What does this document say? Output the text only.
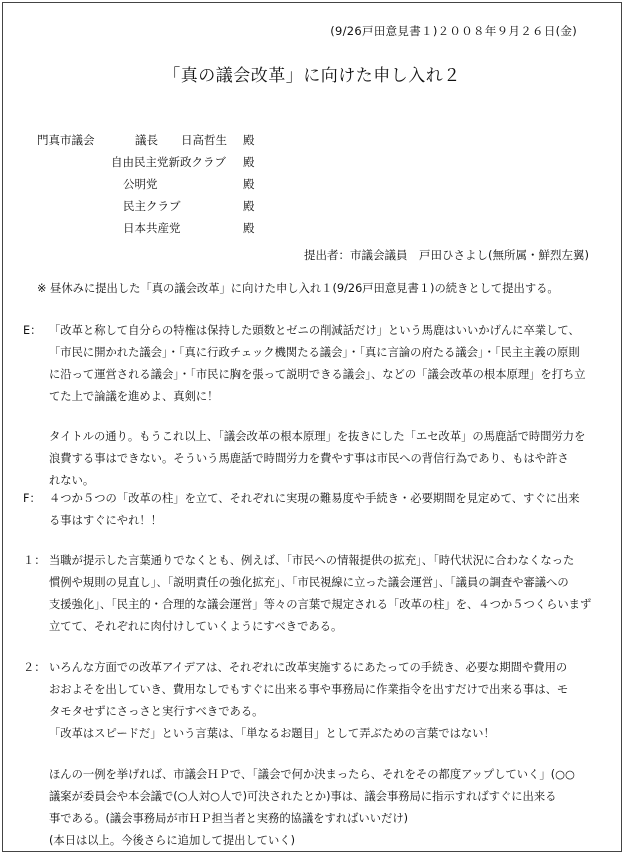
(9/26戸田意見書１)２００８年９月２６日(金)
「真の議会改革」に向けた申し入れ２
門真市議会	議長　　日高哲生 殿
自由民主党新政クラブ 殿
公明党	殿
民主クラブ	殿
日本共産党	殿
提出者：市議会議員　戸田ひさよし(無所属・鮮烈左翼)
※ 昼休みに提出した「真の議会改革」に向けた申し入れ１(9/26戸田意見書１)の続きとして提出する。
E： 「改革と称して自分らの特権は保持した頭数とゼニの削減話だけ」という馬鹿はいいかげんに卒業して、
「市民に開かれた議会」・「真に行政チェック機関たる議会」・「真に言論の府たる議会」・「民主主義の原則
に沿って運営される議会」・「市民に胸を張って説明できる議会」、などの「議会改革の根本原理」を打ち立
てた上で論議を進めよ、真剣に！
タイトルの通り。もうこれ以上、「議会改革の根本原理」を抜きにした「エセ改革」の馬鹿話で時間労力を
浪費する事はできない。そういう馬鹿話で時間労力を費やす事は市民への背信行為であり、もはや許さ
れない。
F： ４つか５つの「改革の柱」を立て、それぞれに実現の難易度や手続き・必要期間を見定めて、すぐに出来
る事はすぐにやれ！！
１： 当職が提示した言葉通りでなくとも、例えば、「市民への情報提供の拡充」、「時代状況に合わなくなった
慣例や規則の見直し」、「説明責任の強化拡充」、「市民視線に立った議会運営」、「議員の調査や審議への
支援強化」、「民主的・合理的な議会運営」等々の言葉で規定される「改革の柱」を、４つか５つくらいまず
立てて、それぞれに肉付けしていくようにすべきである。
２： いろんな方面での改革アイデアは、それぞれに改革実施するにあたっての手続き、必要な期間や費用の
おおよそを出していき、費用なしでもすぐに出来る事や事務局に作業指令を出すだけで出来る事は、モ
タモタせずにさっさと実行すべきである。
「改革はスピードだ」という言葉は、「単なるお題目」として弄ぶための言葉ではない！
ほんの一例を挙げれば、市議会ＨＰで、「議会で何か決まったら、それをその都度アップしていく」(○○
議案が委員会や本会議で(○人対○人で)可決されたとか)事は、議会事務局に指示すればすぐに出来る
事である。(議会事務局が市ＨＰ担当者と実務的協議をすればいいだけ)
(本日は以上。今後さらに追加して提出していく)
